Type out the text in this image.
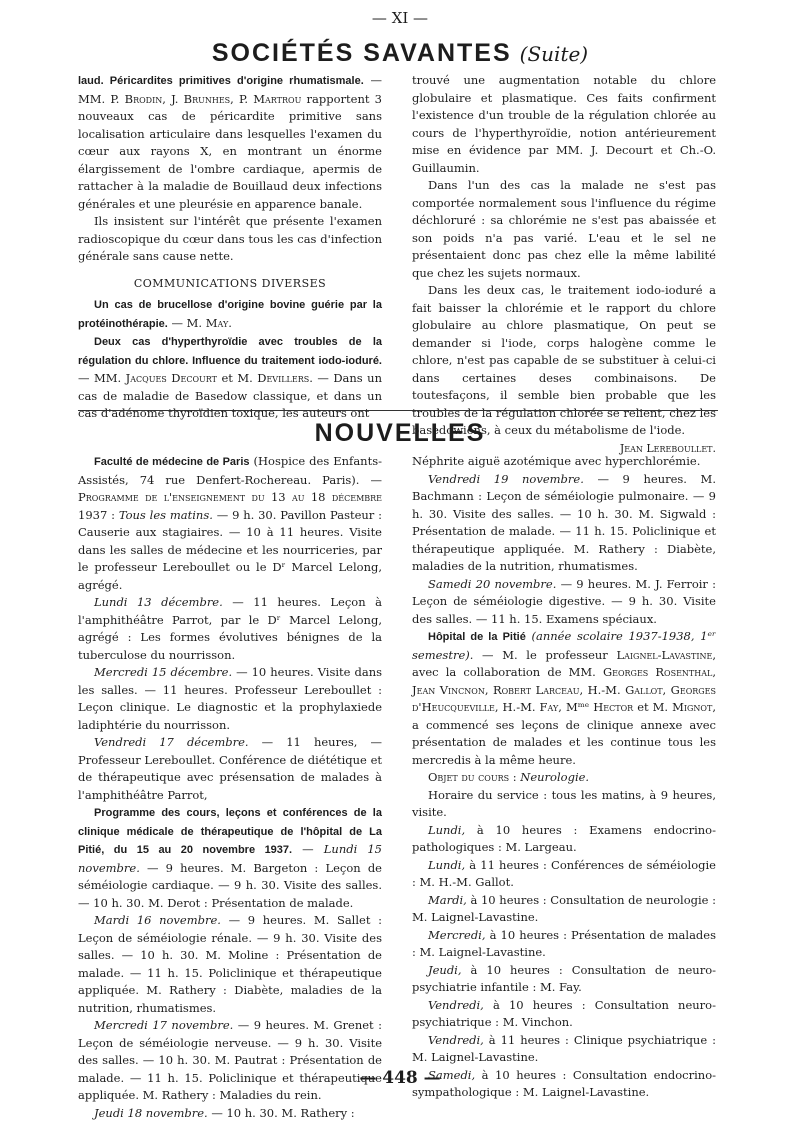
— XI —
SOCIÉTÉS SAVANTES (Suite)

laud. Péricardites primitives d'origine rhumatismale. — MM. P. Brodin, J. Brunhes, P. Martrou rapportent 3 nouveaux cas de péricardite primitive sans localisation articulaire dans lesquelles l'examen du cœur aux rayons X, en montrant un énorme élargissement de l'ombre cardiaque, apermis de rattacher à la maladie de Bouillaud deux infections générales et une pleurésie en apparence banale.

Ils insistent sur l'intérêt que présente l'examen radioscopique du cœur dans tous les cas d'infection générale sans cause nette.

COMMUNICATIONS DIVERSES

Un cas de brucellose d'origine bovine guérie par la protéinothérapie. — M. May.

Deux cas d'hyperthyroïdie avec troubles de la régulation du chlore. Influence du traitement iodo-ioduré. — MM. Jacques Decourt et M. Devillers. — Dans un cas de maladie de Basedow classique, et dans un cas d'adénome thyroïdien toxique, les auteurs ont

trouvé une augmentation notable du chlore globulaire et plasmatique. Ces faits confirment l'existence d'un trouble de la régulation chlorée au cours de l'hyperthyroïdie, notion antérieurement mise en évidence par MM. J. Decourt et Ch.-O. Guillaumin.

Dans l'un des cas la malade ne s'est pas comportée normalement sous l'influence du régime déchloruré : sa chlorémie ne s'est pas abaissée et son poids n'a pas varié. L'eau et le sel ne présentaient donc pas chez elle la même labilité que chez les sujets normaux.

Dans les deux cas, le traitement iodo-ioduré a fait baisser la chlorémie et le rapport du chlore globulaire au chlore plasmatique, On peut se demander si l'iode, corps halogène comme le chlore, n'est pas capable de se substituer à celui-ci dans certaines deses combinaisons. De toutesfaçons, il semble bien probable que les troubles de la régulation chlorée se relient, chez les basedowiens, à ceux du métabolisme de l'iode.

Jean Lereboullet.

NOUVELLES

Faculté de médecine de Paris (Hospice des Enfants-Assistés, 74 rue Denfert-Rochereau. Paris). — Programme de l'enseignement du 13 au 18 décembre 1937 : Tous les matins. — 9 h. 30. Pavillon Pasteur : Causerie aux stagiaires. — 10 à 11 heures. Visite dans les salles de médecine et les nourriceries, par le professeur Lereboullet ou le Dʳ Marcel Lelong, agrégé.

Lundi 13 décembre. — 11 heures. Leçon à l'amphithéâtre Parrot, par le Dʳ Marcel Lelong, agrégé : Les formes évolutives bénignes de la tuberculose du nourrisson.

Mercredi 15 décembre. — 10 heures. Visite dans les salles. — 11 heures. Professeur Lereboullet : Leçon clinique. Le diagnostic et la prophylaxiede ladiphtérie du nourrisson.

Vendredi 17 décembre. — 11 heures, — Professeur Lereboullet. Conférence de diététique et de thérapeutique avec présensation de malades à l'amphithéâtre Parrot,

Programme des cours, leçons et conférences de la clinique médicale de thérapeutique de l'hôpital de La Pitié, du 15 au 20 novembre 1937. — Lundi 15 novembre. — 9 heures. M. Bargeton : Leçon de séméiologie cardiaque. — 9 h. 30. Visite des salles. — 10 h. 30. M. Derot : Présentation de malade.

Mardi 16 novembre. — 9 heures. M. Sallet : Leçon de séméiologie rénale. — 9 h. 30. Visite des salles. — 10 h. 30. M. Moline : Présentation de malade. — 11 h. 15. Policlinique et thérapeutique appliquée. M. Rathery : Diabète, maladies de la nutrition, rhumatismes.

Mercredi 17 novembre. — 9 heures. M. Grenet : Leçon de séméiologie nerveuse. — 9 h. 30. Visite des salles. — 10 h. 30. M. Pautrat : Présentation de malade. — 11 h. 15. Policlinique et thérapeutique appliquée. M. Rathery : Maladies du rein.

Jeudi 18 novembre. — 10 h. 30. M. Rathery :

Néphrite aiguë azotémique avec hyperchlorémie.

Vendredi 19 novembre. — 9 heures. M. Bachmann : Leçon de séméiologie pulmonaire. — 9 h. 30. Visite des salles. — 10 h. 30. M. Sigwald : Présentation de malade. — 11 h. 15. Policlinique et thérapeutique appliquée. M. Rathery : Diabète, maladies de la nutrition, rhumatismes.

Samedi 20 novembre. — 9 heures. M. J. Ferroir : Leçon de séméiologie digestive. — 9 h. 30. Visite des salles. — 11 h. 15. Examens spéciaux.

Hôpital de la Pitié (année scolaire 1937-1938, 1ᵉʳ semestre). — M. le professeur Laignel-Lavastine, avec la collaboration de MM. Georges Rosenthal, Jean Vincnon, Robert Larceau, H.-M. Gallot, Georges d'Heucqueville, H.-M. Fay, Mᵐᵉ Hector et M. Mignot, a commencé ses leçons de clinique annexe avec présentation de malades et les continue tous les mercredis à la même heure.

Objet du cours : Neurologie.

Horaire du service : tous les matins, à 9 heures, visite.

Lundi, à 10 heures : Examens endocrino-pathologiques : M. Largeau.

Lundi, à 11 heures : Conférences de séméiologie : M. H.-M. Gallot.

Mardi, à 10 heures : Consultation de neurologie : M. Laignel-Lavastine.

Mercredi, à 10 heures : Présentation de malades : M. Laignel-Lavastine.

Jeudi, à 10 heures : Consultation de neuro-psychiatrie infantile : M. Fay.

Vendredi, à 10 heures : Consultation neuro-psychiatrique : M. Vinchon.

Vendredi, à 11 heures : Clinique psychiatrique : M. Laignel-Lavastine.

Samedi, à 10 heures : Consultation endocrino-sympathologique : M. Laignel-Lavastine.

— 448 —
